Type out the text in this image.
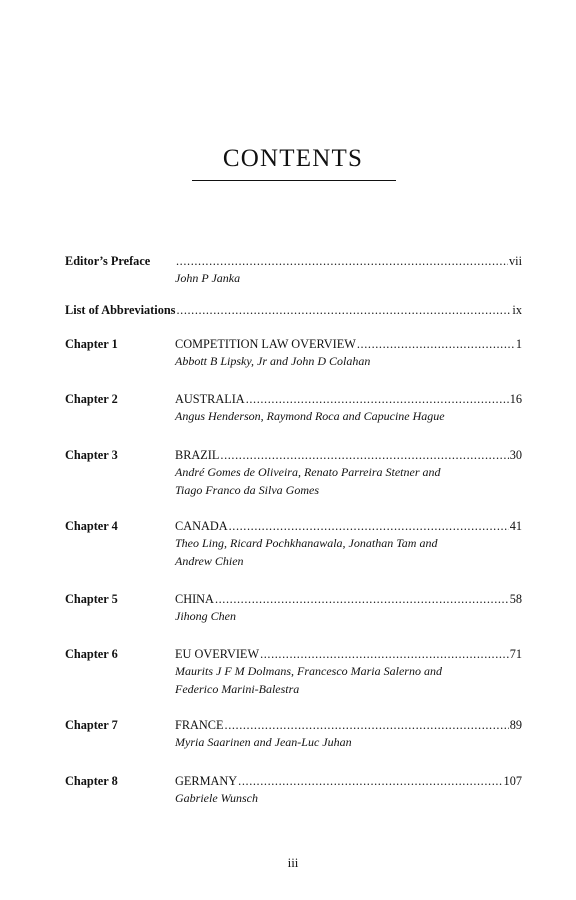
CONTENTS
Editor’s Preface .....	vii
John P Janka
List of Abbreviations .....	ix
Chapter 1	COMPETITION LAW OVERVIEW .....	1
Abbott B Lipsky, Jr and John D Colahan
Chapter 2	AUSTRALIA .....	16
Angus Henderson, Raymond Roca and Capucine Hague
Chapter 3	BRAZIL .....	30
André Gomes de Oliveira, Renato Parreira Stetner and
Tiago Franco da Silva Gomes
Chapter 4	CANADA .....	41
Theo Ling, Ricard Pochkhanawala, Jonathan Tam and
Andrew Chien
Chapter 5	CHINA .....	58
Jihong Chen
Chapter 6	EU OVERVIEW .....	71
Maurits J F M Dolmans, Francesco Maria Salerno and
Federico Marini-Balestra
Chapter 7	FRANCE .....	89
Myria Saarinen and Jean-Luc Juhan
Chapter 8	GERMANY .....	107
Gabriele Wunsch
iii
